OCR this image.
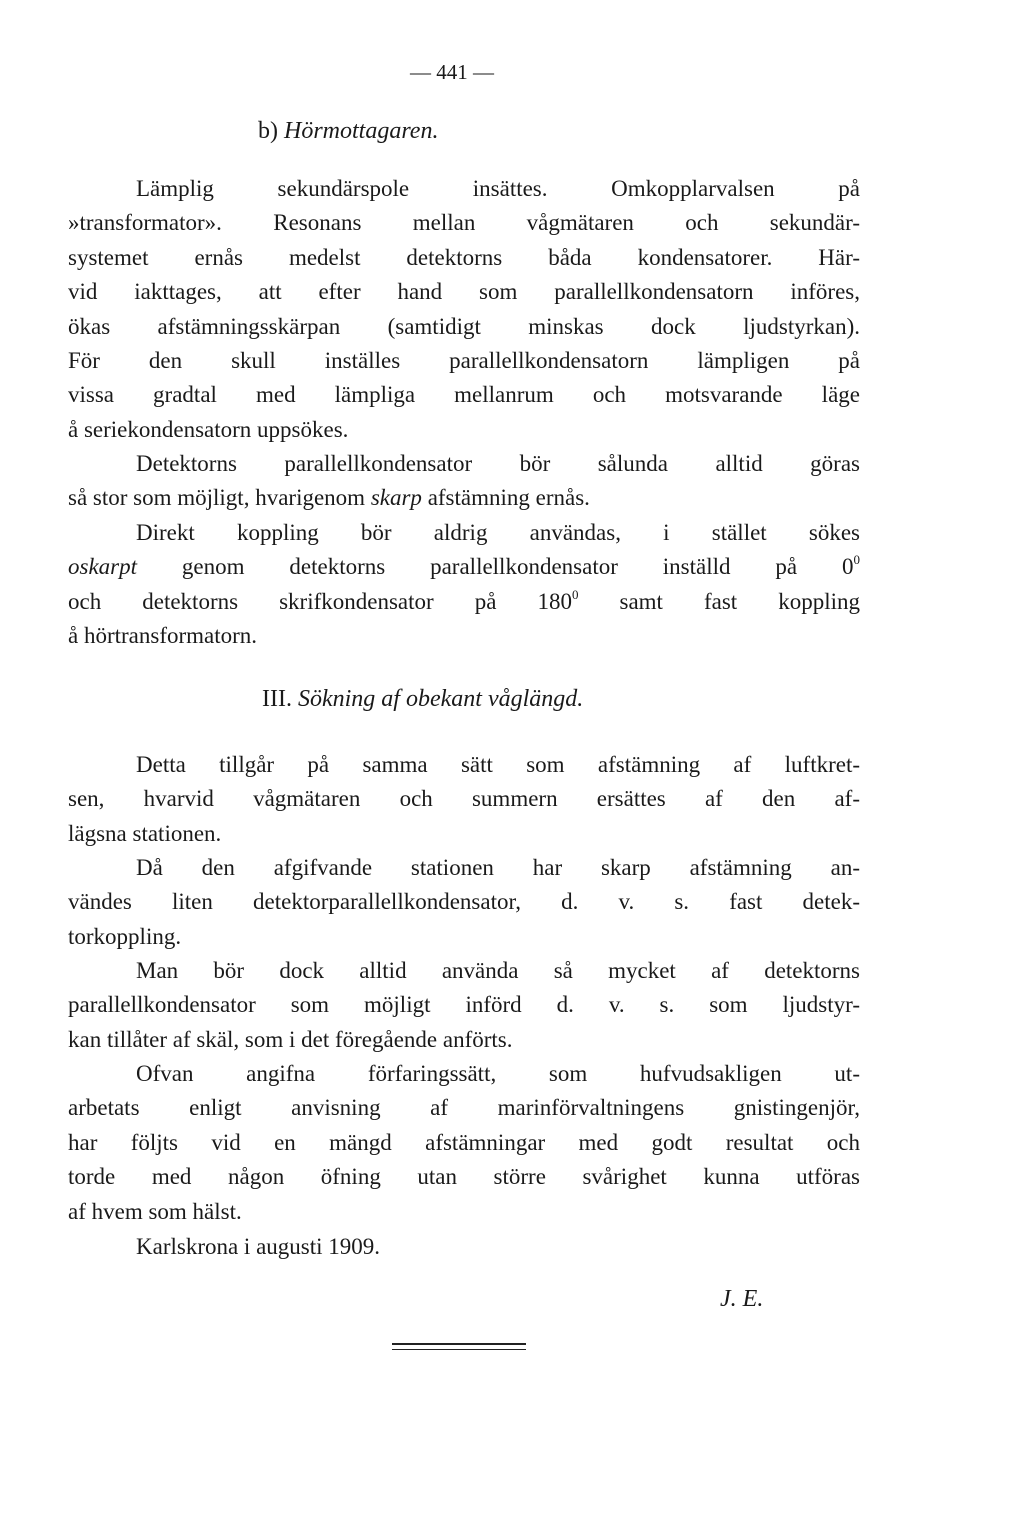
— 441 —
b) Hörmottagaren.
Lämplig sekundärspole insättes. Omkopplarvalsen på
»transformator». Resonans mellan vågmätaren och sekundär-
systemet ernås medelst detektorns båda kondensatorer. Här-
vid iakttages, att efter hand som parallellkondensatorn införes,
ökas afstämningsskärpan (samtidigt minskas dock ljudstyrkan).
För den skull inställes parallellkondensatorn lämpligen på
vissa gradtal med lämpliga mellanrum och motsvarande läge
å seriekondensatorn uppsökes.
Detektorns parallellkondensator bör sålunda alltid göras
så stor som möjligt, hvarigenom skarp afstämning ernås.
Direkt koppling bör aldrig användas, i stället sökes
oskarpt genom detektorns parallellkondensator inställd på $0^0$
och detektorns skrifkondensator på $180^0$ samt fast koppling
å hörtransformatorn.
III. Sökning af obekant våglängd.
Detta tillgår på samma sätt som afstämning af luftkret-
sen, hvarvid vågmätaren och summern ersättes af den af-
lägsna stationen.
Då den afgifvande stationen har skarp afstämning an-
vändes liten detektorparallellkondensator, d. v. s. fast detek-
torkoppling.
Man bör dock alltid använda så mycket af detektorns
parallellkondensator som möjligt införd d. v. s. som ljudstyr-
kan tillåter af skäl, som i det föregående anförts.
Ofvan angifna förfaringssätt, som hufvudsakligen ut-
arbetats enligt anvisning af marinförvaltningens gnistingenjör,
har följts vid en mängd afstämningar med godt resultat och
torde med någon öfning utan större svårighet kunna utföras
af hvem som hälst.
Karlskrona i augusti 1909.
J. E.
